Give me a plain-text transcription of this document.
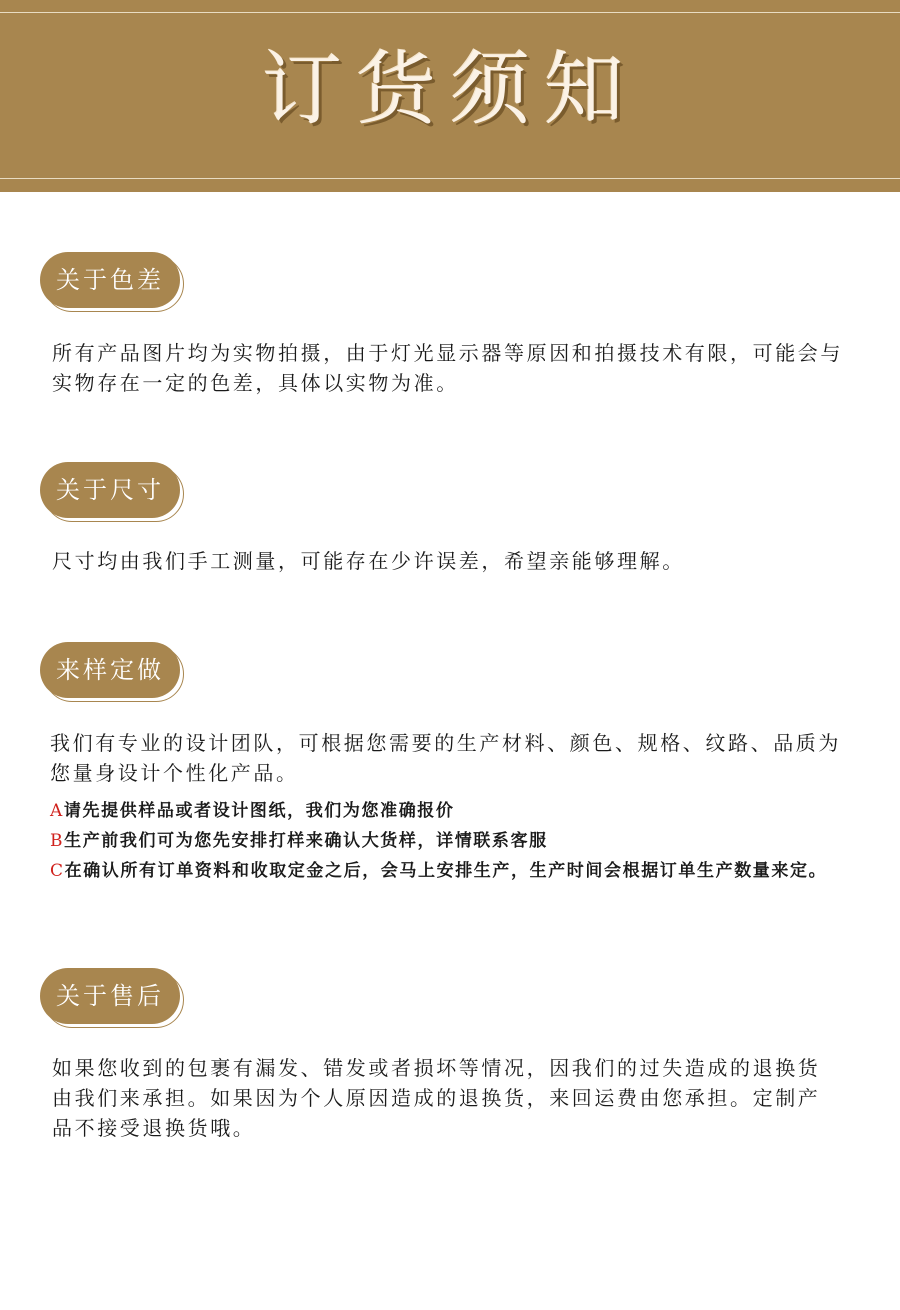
订货须知
关于色差
所有产品图片均为实物拍摄，由于灯光显示器等原因和拍摄技术有限，可能会与实物存在一定的色差，具体以实物为准。
关于尺寸
尺寸均由我们手工测量，可能存在少许误差，希望亲能够理解。
来样定做
我们有专业的设计团队，可根据您需要的生产材料、颜色、规格、纹路、品质为您量身设计个性化产品。
A请先提供样品或者设计图纸，我们为您准确报价
B生产前我们可为您先安排打样来确认大货样，详情联系客服
C在确认所有订单资料和收取定金之后，会马上安排生产，生产时间会根据订单生产数量来定。
关于售后
如果您收到的包裹有漏发、错发或者损坏等情况，因我们的过失造成的退换货由我们来承担。如果因为个人原因造成的退换货，来回运费由您承担。定制产品不接受退换货哦。
